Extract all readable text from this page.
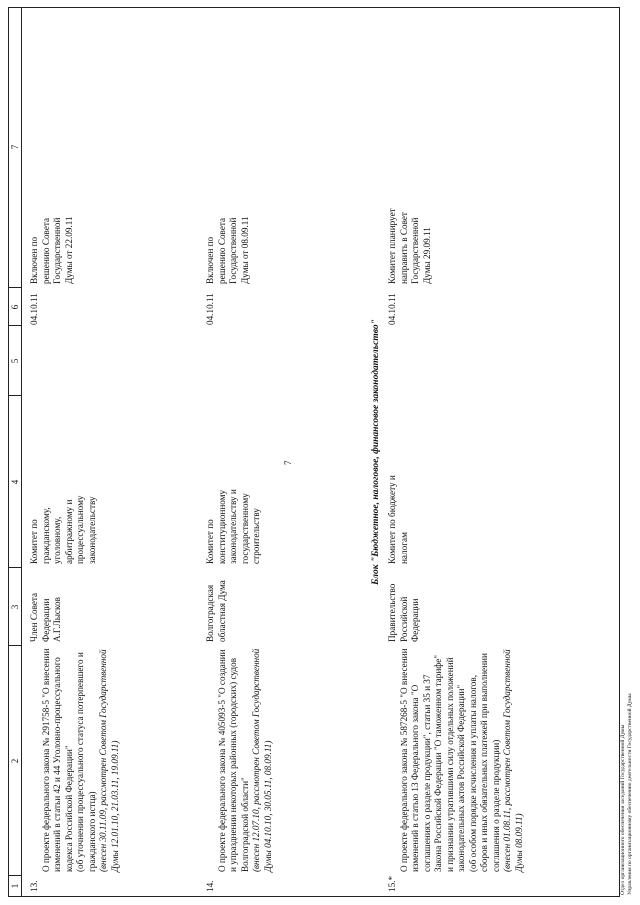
7
1
2
3
4
5
6
7
13.

О проекте федерального закона № 291758-5 "О внесении изменений в статьи 42 и 44 Уголовно-процессуального кодекса Российской Федерации"
(об уточнении процессуального статуса потерпевшего и гражданского истца) (внесен 30.11.09, рассмотрен Советом Государственной Думы 12.01.10, 21.03.11, 19.09.11)

Член Совета Федерации
А.Г.Лысков
Комитет по гражданскому, уголовному, арбитражному и процессуальному законодательству
04.10.11
Включен по решению Совета Государственной Думы от 22.09.11
14.

О проекте федерального закона № 405093-5 "О создании и упразднении некоторых районных (городских) судов Волгоградской области" (внесен 12.07.10, рассмотрен Советом Государственной Думы 04.10.10, 30.05.11, 08.09.11)

Волгоградская областная Дума
Комитет по конституционному законодательству и государственному строительству
04.10.11
Включен по решению Совета Государственной Думы от 08.09.11
Блок "Бюджетное, налоговое, финансовое законодательство"
15.*

О проекте федерального закона № 587268-5 "О внесении изменений в статью 13 Федерального закона "О соглашениях о разделе продукции", статьи 35 и 37 Закона Российской Федерации "О таможенном тарифе" и признании утратившими силу отдельных положений законодательных актов Российской Федерации"
(об особом порядке исчисления и уплаты налогов, сборов и иных обязательных платежей при выполнении соглашения о разделе продукции) (внесен 01.08.11, рассмотрен Советом Государственной Думы 08.09.11)

Правительство Российской Федерации
Комитет по бюджету и налогам
04.10.11
Комитет планирует направить в Совет Государственной Думы 29.09.11
Отдел организационного обеспечения заседаний Государственной Думы
Управления по организационному обеспечению деятельности Государственной Думы
